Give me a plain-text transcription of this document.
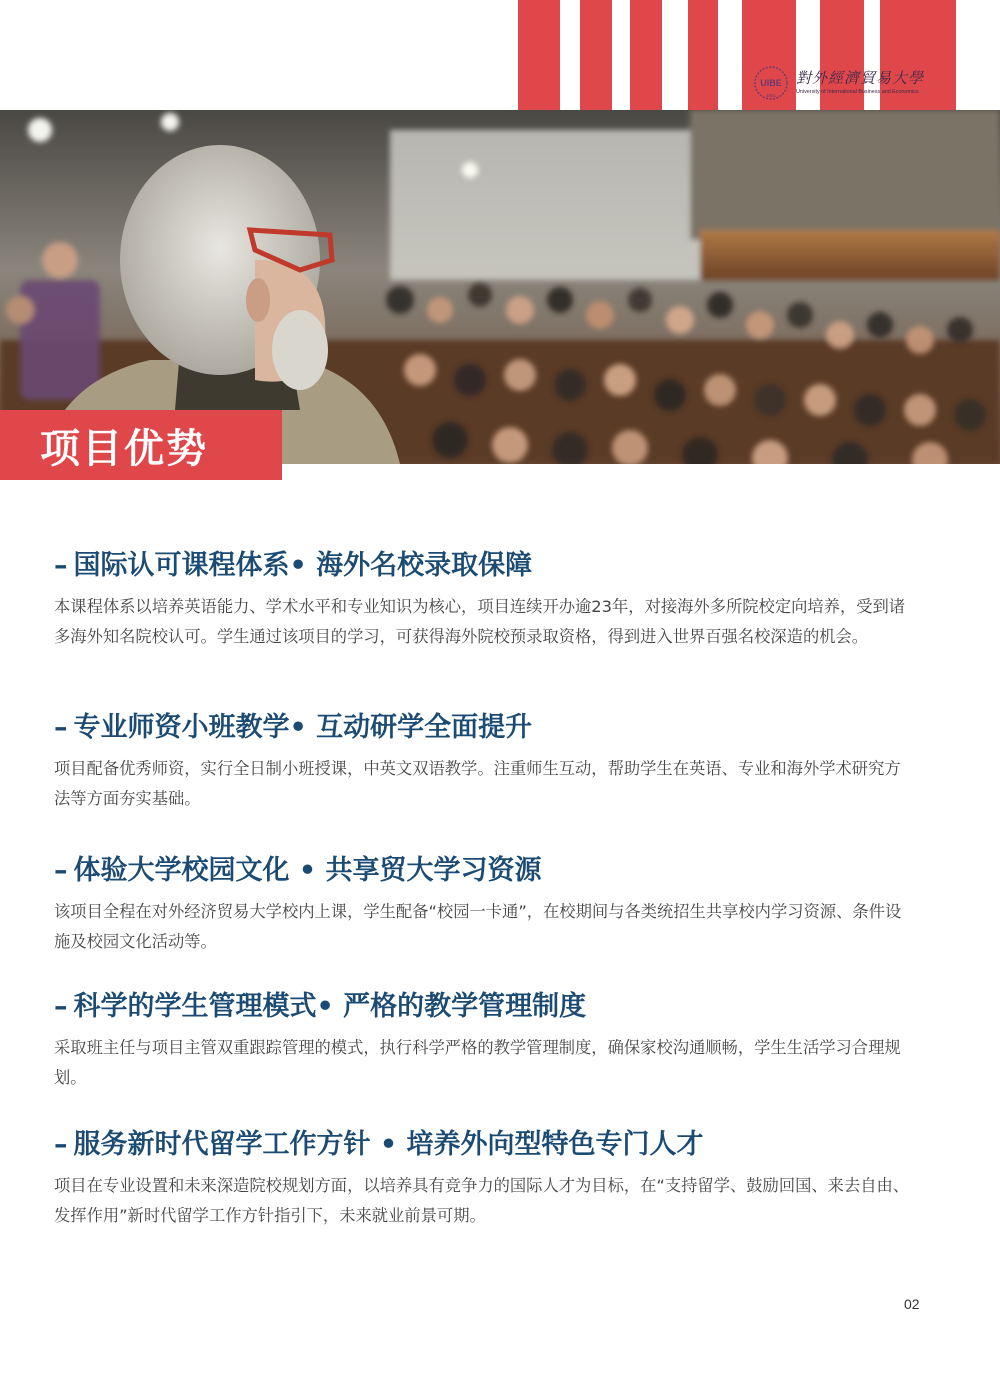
UIBE
1951
對外經濟貿易大學
University of International Business and Economics
项目优势
– 国际认可课程体系• 海外名校录取保障
本课程体系以培养英语能力、学术水平和专业知识为核心，项目连续开办逾23年，对接海外多所院校定向培养，受到诸多海外知名院校认可。学生通过该项目的学习，可获得海外院校预录取资格，得到进入世界百强名校深造的机会。
– 专业师资小班教学• 互动研学全面提升
项目配备优秀师资，实行全日制小班授课，中英文双语教学。注重师生互动，帮助学生在英语、专业和海外学术研究方法等方面夯实基础。
– 体验大学校园文化 • 共享贸大学习资源
该项目全程在对外经济贸易大学校内上课，学生配备“校园一卡通”，在校期间与各类统招生共享校内学习资源、条件设施及校园文化活动等。
– 科学的学生管理模式• 严格的教学管理制度
采取班主任与项目主管双重跟踪管理的模式，执行科学严格的教学管理制度，确保家校沟通顺畅，学生生活学习合理规划。
– 服务新时代留学工作方针 • 培养外向型特色专门人才
项目在专业设置和未来深造院校规划方面，以培养具有竞争力的国际人才为目标，在“支持留学、鼓励回国、来去自由、发挥作用”新时代留学工作方针指引下，未来就业前景可期。
02
